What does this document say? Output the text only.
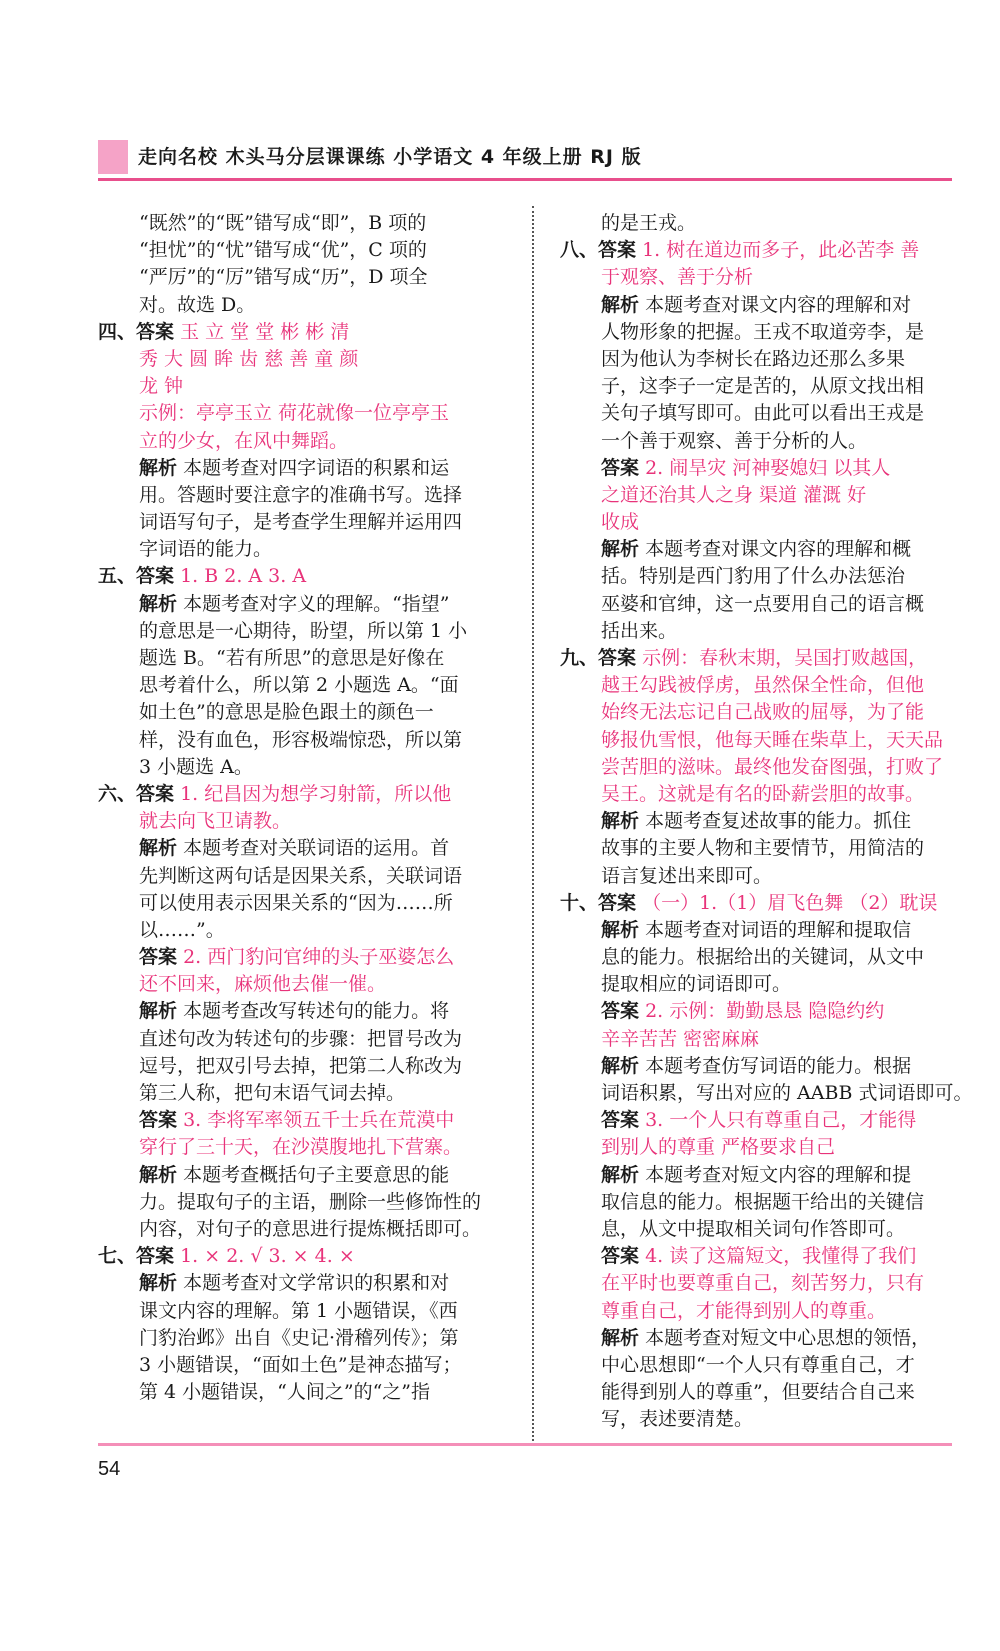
走向名校 木头马分层课课练 小学语文 4 年级上册 RJ 版
“既然”的“既”错写成“即”，B 项的
“担忧”的“忧”错写成“优”，C 项的
“严厉”的“厉”错写成“历”，D 项全
对。故选 D。
四、答案 玉 立 堂 堂 彬 彬 清
秀 大 圆 眸 齿 慈 善 童 颜
龙 钟
示例：亭亭玉立 荷花就像一位亭亭玉
立的少女，在风中舞蹈。
解析 本题考查对四字词语的积累和运
用。答题时要注意字的准确书写。选择
词语写句子，是考查学生理解并运用四
字词语的能力。
五、答案 1. B 2. A 3. A
解析 本题考查对字义的理解。“指望”
的意思是一心期待，盼望，所以第 1 小
题选 B。“若有所思”的意思是好像在
思考着什么，所以第 2 小题选 A。“面
如土色”的意思是脸色跟土的颜色一
样，没有血色，形容极端惊恐，所以第
3 小题选 A。
六、答案 1. 纪昌因为想学习射箭，所以他
就去向飞卫请教。
解析 本题考查对关联词语的运用。首
先判断这两句话是因果关系，关联词语
可以使用表示因果关系的“因为……所
以……”。
答案 2. 西门豹问官绅的头子巫婆怎么
还不回来，麻烦他去催一催。
解析 本题考查改写转述句的能力。将
直述句改为转述句的步骤：把冒号改为
逗号，把双引号去掉，把第二人称改为
第三人称，把句末语气词去掉。
答案 3. 李将军率领五千士兵在荒漠中
穿行了三十天，在沙漠腹地扎下营寨。
解析 本题考查概括句子主要意思的能
力。提取句子的主语，删除一些修饰性的
内容，对句子的意思进行提炼概括即可。
七、答案 1. × 2. √ 3. × 4. ×
解析 本题考查对文学常识的积累和对
课文内容的理解。第 1 小题错误，《西
门豹治邺》出自《史记·滑稽列传》；第
3 小题错误，“面如土色”是神态描写；
第 4 小题错误，“人间之”的“之”指
的是王戎。
八、答案 1. 树在道边而多子，此必苦李 善
于观察、善于分析
解析 本题考查对课文内容的理解和对
人物形象的把握。王戎不取道旁李，是
因为他认为李树长在路边还那么多果
子，这李子一定是苦的，从原文找出相
关句子填写即可。由此可以看出王戎是
一个善于观察、善于分析的人。
答案 2. 闹旱灾 河神娶媳妇 以其人
之道还治其人之身 渠道 灌溉 好
收成
解析 本题考查对课文内容的理解和概
括。特别是西门豹用了什么办法惩治
巫婆和官绅，这一点要用自己的语言概
括出来。
九、答案 示例：春秋末期，吴国打败越国，
越王勾践被俘虏，虽然保全性命，但他
始终无法忘记自己战败的屈辱，为了能
够报仇雪恨，他每天睡在柴草上，天天品
尝苦胆的滋味。最终他发奋图强，打败了
吴王。这就是有名的卧薪尝胆的故事。
解析 本题考查复述故事的能力。抓住
故事的主要人物和主要情节，用简洁的
语言复述出来即可。
十、答案 （一）1.（1）眉飞色舞 （2）耽误
解析 本题考查对词语的理解和提取信
息的能力。根据给出的关键词，从文中
提取相应的词语即可。
答案 2. 示例：勤勤恳恳 隐隐约约
辛辛苦苦 密密麻麻
解析 本题考查仿写词语的能力。根据
词语积累，写出对应的 AABB 式词语即可。
答案 3. 一个人只有尊重自己，才能得
到别人的尊重 严格要求自己
解析 本题考查对短文内容的理解和提
取信息的能力。根据题干给出的关键信
息，从文中提取相关词句作答即可。
答案 4. 读了这篇短文，我懂得了我们
在平时也要尊重自己，刻苦努力，只有
尊重自己，才能得到别人的尊重。
解析 本题考查对短文中心思想的领悟，
中心思想即“一个人只有尊重自己，才
能得到别人的尊重”，但要结合自己来
写，表述要清楚。
54
